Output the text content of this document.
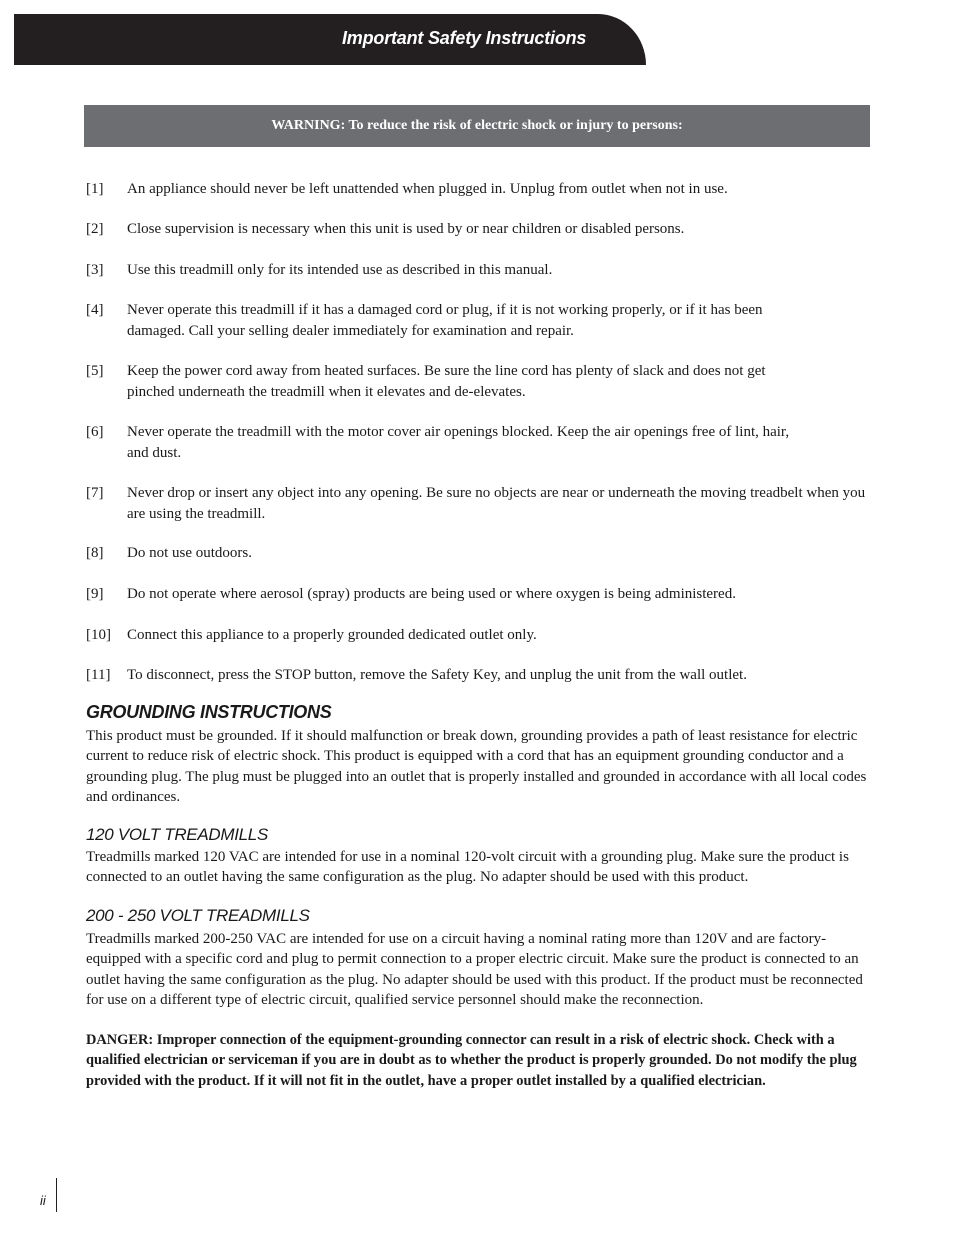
Important Safety Instructions
WARNING: To reduce the risk of electric shock or injury to persons:
[1] An appliance should never be left unattended when plugged in. Unplug from outlet when not in use.
[2] Close supervision is necessary when this unit is used by or near children or disabled persons.
[3] Use this treadmill only for its intended use as described in this manual.
[4] Never operate this treadmill if it has a damaged cord or plug, if it is not working properly, or if it has been damaged. Call your selling dealer immediately for examination and repair.
[5] Keep the power cord away from heated surfaces. Be sure the line cord has plenty of slack and does not get pinched underneath the treadmill when it elevates and de-elevates.
[6] Never operate the treadmill with the motor cover air openings blocked. Keep the air openings free of lint, hair, and dust.
[7] Never drop or insert any object into any opening. Be sure no objects are near or underneath the moving treadbelt when you are using the treadmill.
[8] Do not use outdoors.
[9] Do not operate where aerosol (spray) products are being used or where oxygen is being administered.
[10] Connect this appliance to a properly grounded dedicated outlet only.
[11] To disconnect, press the STOP button, remove the Safety Key, and unplug the unit from the wall outlet.
GROUNDING INSTRUCTIONS
This product must be grounded. If it should malfunction or break down, grounding provides a path of least resistance for electric current to reduce risk of electric shock. This product is equipped with a cord that has an equipment grounding conductor and a grounding plug. The plug must be plugged into an outlet that is properly installed and grounded in accordance with all local codes and ordinances.
120 VOLT TREADMILLS
Treadmills marked 120 VAC are intended for use in a nominal 120-volt circuit with a grounding plug. Make sure the product is connected to an outlet having the same configuration as the plug. No adapter should be used with this product.
200 - 250 VOLT TREADMILLS
Treadmills marked 200-250 VAC are intended for use on a circuit having a nominal rating more than 120V and are factory-equipped with a specific cord and plug to permit connection to a proper electric circuit. Make sure the product is connected to an outlet having the same configuration as the plug. No adapter should be used with this product. If the product must be reconnected for use on a different type of electric circuit, qualified service personnel should make the reconnection.
DANGER: Improper connection of the equipment-grounding connector can result in a risk of electric shock. Check with a qualified electrician or serviceman if you are in doubt as to whether the product is properly grounded. Do not modify the plug provided with the product. If it will not fit in the outlet, have a proper outlet installed by a qualified electrician.
ii
